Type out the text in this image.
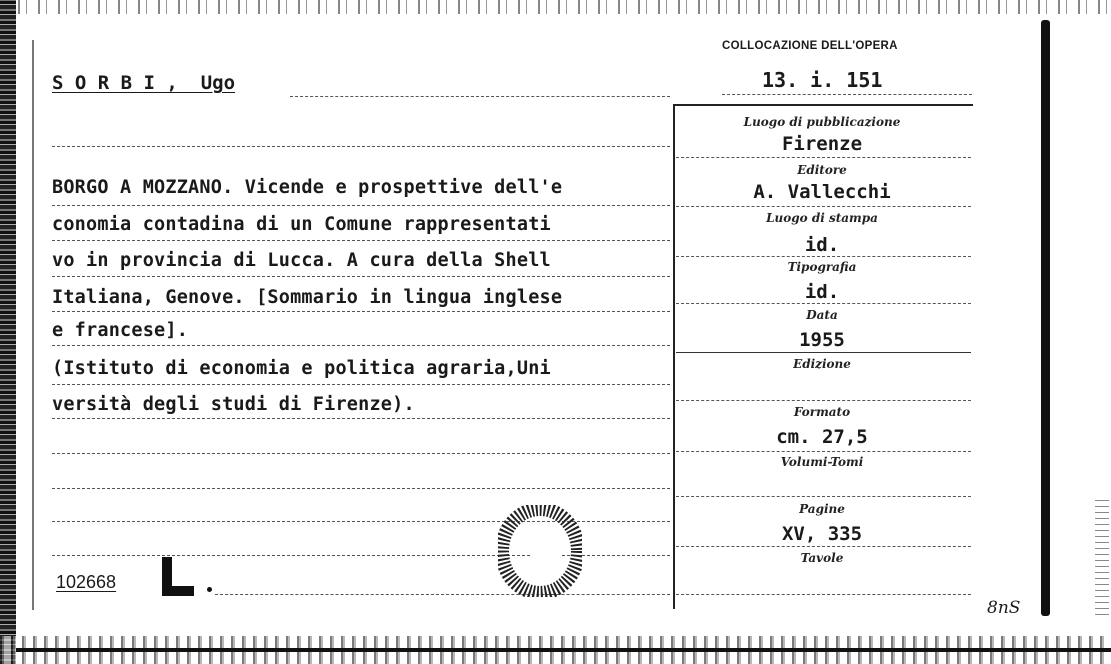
COLLOCAZIONE DELL'OPERA
13. i. 151
S O R B I ,  Ugo
BORGO A MOZZANO. Vicende e prospettive dell'e
conomia contadina di un Comune rappresentati
vo in provincia di Lucca. A cura della Shell
Italiana, Genove. [Sommario in lingua inglese
e francese].
(Istituto di economia e politica agraria,Uni
versità degli studi di Firenze).
102668
Luogo di pubblicazione
Firenze
Editore
A. Vallecchi
Luogo di stampa
id.
Tipografia
id.
Data
1955
Edizione
Formato
cm. 27,5
Volumi-Tomi
Pagine
XV, 335
Tavole
8nS
